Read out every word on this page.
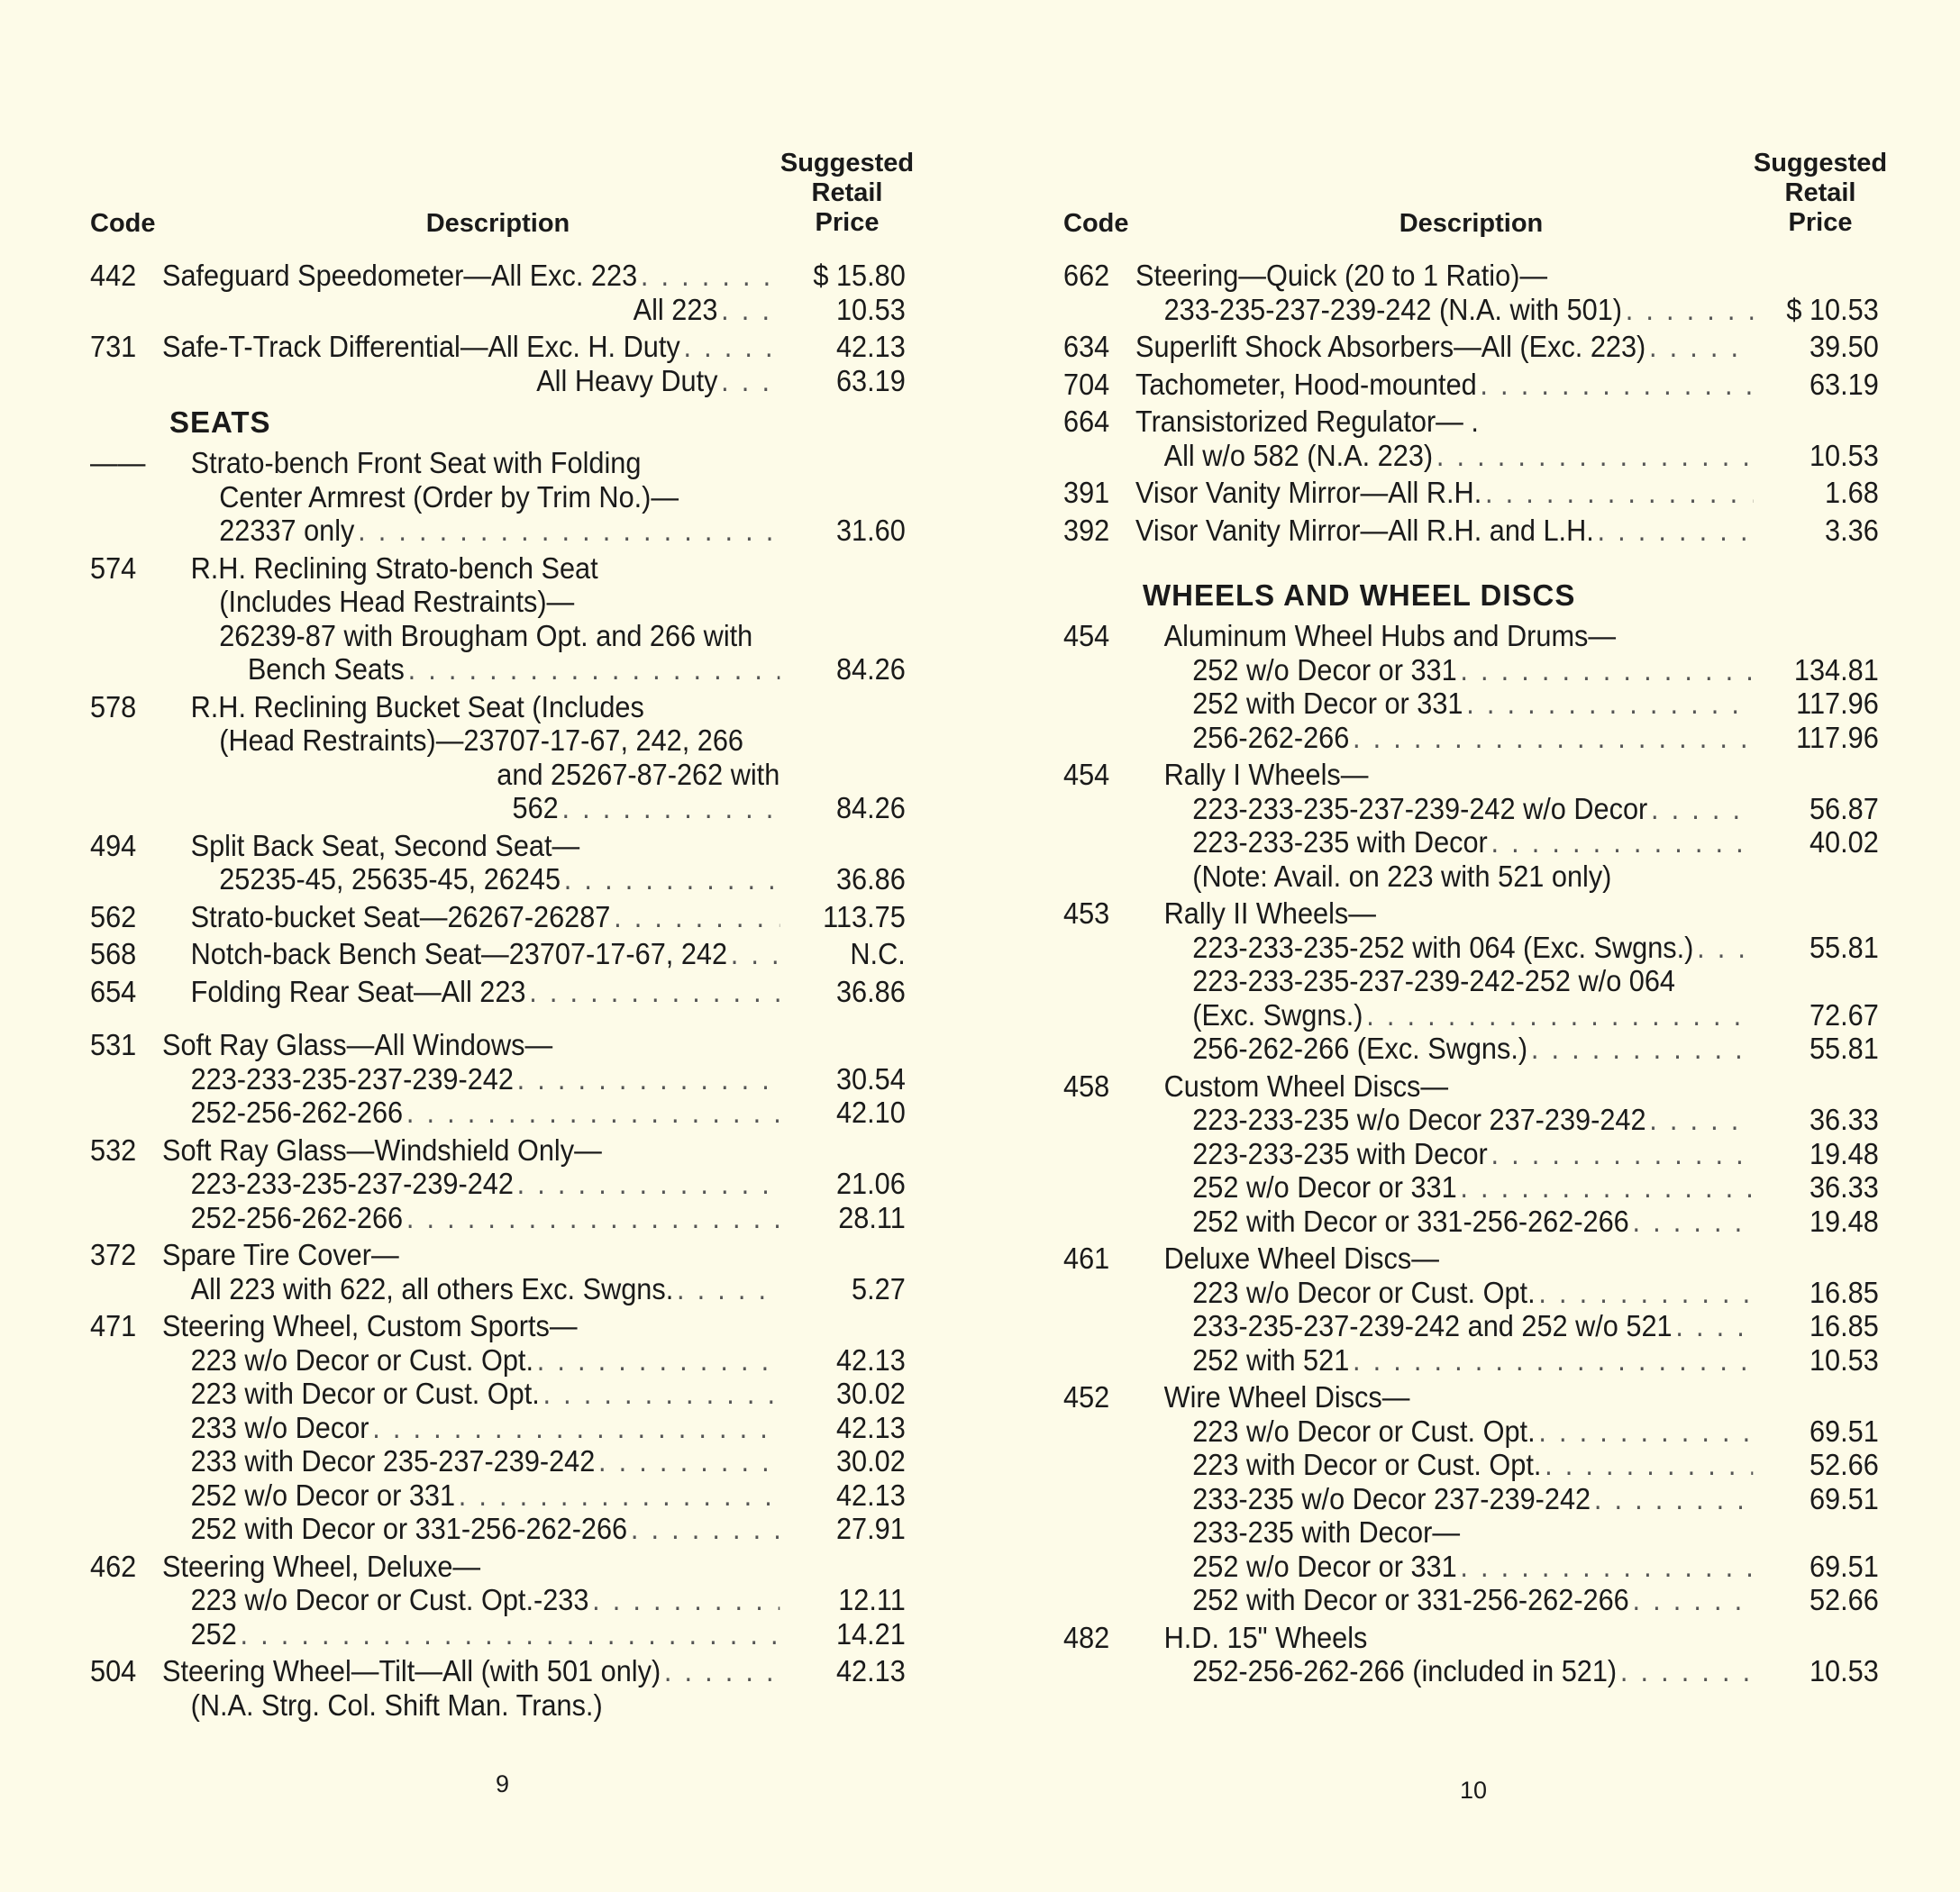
Code	Description
Suggested
Retail
Price
442 Safeguard Speedometer—All Exc. 223 . . .	$ 15.80
All 223 . . .	10.53
731 Safe-T-Track Differential—All Exc. H. Duty . . .	42.13
All Heavy Duty . . .	63.19
SEATS
——	Strato-bench Front Seat with Folding
Center Armrest (Order by Trim No.)—
22337 only . . .	31.60
574	R.H. Reclining Strato-bench Seat
(Includes Head Restraints)—
26239-87 with Brougham Opt. and 266 with
Bench Seats . . .	84.26
578	R.H. Reclining Bucket Seat (Includes
(Head Restraints)—23707-17-67, 242, 266
and 25267-87-262 with
562 . . .	84.26
494	Split Back Seat, Second Seat—
25235-45, 25635-45, 26245 . . .	36.86
562	Strato-bucket Seat—26267-26287 . . .	113.75
568	Notch-back Bench Seat—23707-17-67, 242 . . .	N.C.
654	Folding Rear Seat—All 223 . . .	36.86
531 Soft Ray Glass—All Windows—
223-233-235-237-239-242 . . .	30.54
252-256-262-266 . . .	42.10
532 Soft Ray Glass—Windshield Only—
223-233-235-237-239-242 . . .	21.06
252-256-262-266 . . .	28.11
372 Spare Tire Cover—
All 223 with 622, all others Exc. Swgns. . . .	5.27
471 Steering Wheel, Custom Sports—
223 w/o Decor or Cust. Opt. . . .	42.13
223 with Decor or Cust. Opt. . . .	30.02
233 w/o Decor . . .	42.13
233 with Decor 235-237-239-242 . . .	30.02
252 w/o Decor or 331 . . .	42.13
252 with Decor or 331-256-262-266 . . .	27.91
462 Steering Wheel, Deluxe—
223 w/o Decor or Cust. Opt.-233 . . .	12.11
252 . . .	14.21
504 Steering Wheel—Tilt—All (with 501 only) . . .	42.13
(N.A. Strg. Col. Shift Man. Trans.)
Code	Description
Suggested
Retail
Price
662 Steering—Quick (20 to 1 Ratio)—
233-235-237-239-242 (N.A. with 501) . . .	$ 10.53
634 Superlift Shock Absorbers—All (Exc. 223) . . .	39.50
704 Tachometer, Hood-mounted . . .	63.19
664 Transistorized Regulator— .
All w/o 582 (N.A. 223) . . .	10.53
391 Visor Vanity Mirror—All R.H. . . .	1.68
392 Visor Vanity Mirror—All R.H. and L.H. . . .	3.36
WHEELS AND WHEEL DISCS
454	Aluminum Wheel Hubs and Drums—
252 w/o Decor or 331 . . .	134.81
252 with Decor or 331 . . .	117.96
256-262-266 . . .	117.96
454	Rally I Wheels—
223-233-235-237-239-242 w/o Decor . . .	56.87
223-233-235 with Decor . . .	40.02
(Note: Avail. on 223 with 521 only)
453	Rally II Wheels—
223-233-235-252 with 064 (Exc. Swgns.) . . .	55.81
223-233-235-237-239-242-252 w/o 064
(Exc. Swgns.) . . .	72.67
256-262-266 (Exc. Swgns.) . . .	55.81
458	Custom Wheel Discs—
223-233-235 w/o Decor 237-239-242 . . .	36.33
223-233-235 with Decor . . .	19.48
252 w/o Decor or 331 . . .	36.33
252 with Decor or 331-256-262-266 . . .	19.48
461	Deluxe Wheel Discs—
223 w/o Decor or Cust. Opt. . . .	16.85
233-235-237-239-242 and 252 w/o 521 . . .	16.85
252 with 521 . . .	10.53
452	Wire Wheel Discs—
223 w/o Decor or Cust. Opt. . . .	69.51
223 with Decor or Cust. Opt. . . .	52.66
233-235 w/o Decor 237-239-242 . . .	69.51
233-235 with Decor—
252 w/o Decor or 331 . . .	69.51
252 with Decor or 331-256-262-266 . . .	52.66
482	H.D. 15" Wheels
252-256-262-266 (included in 521) . . .	10.53
9	10
